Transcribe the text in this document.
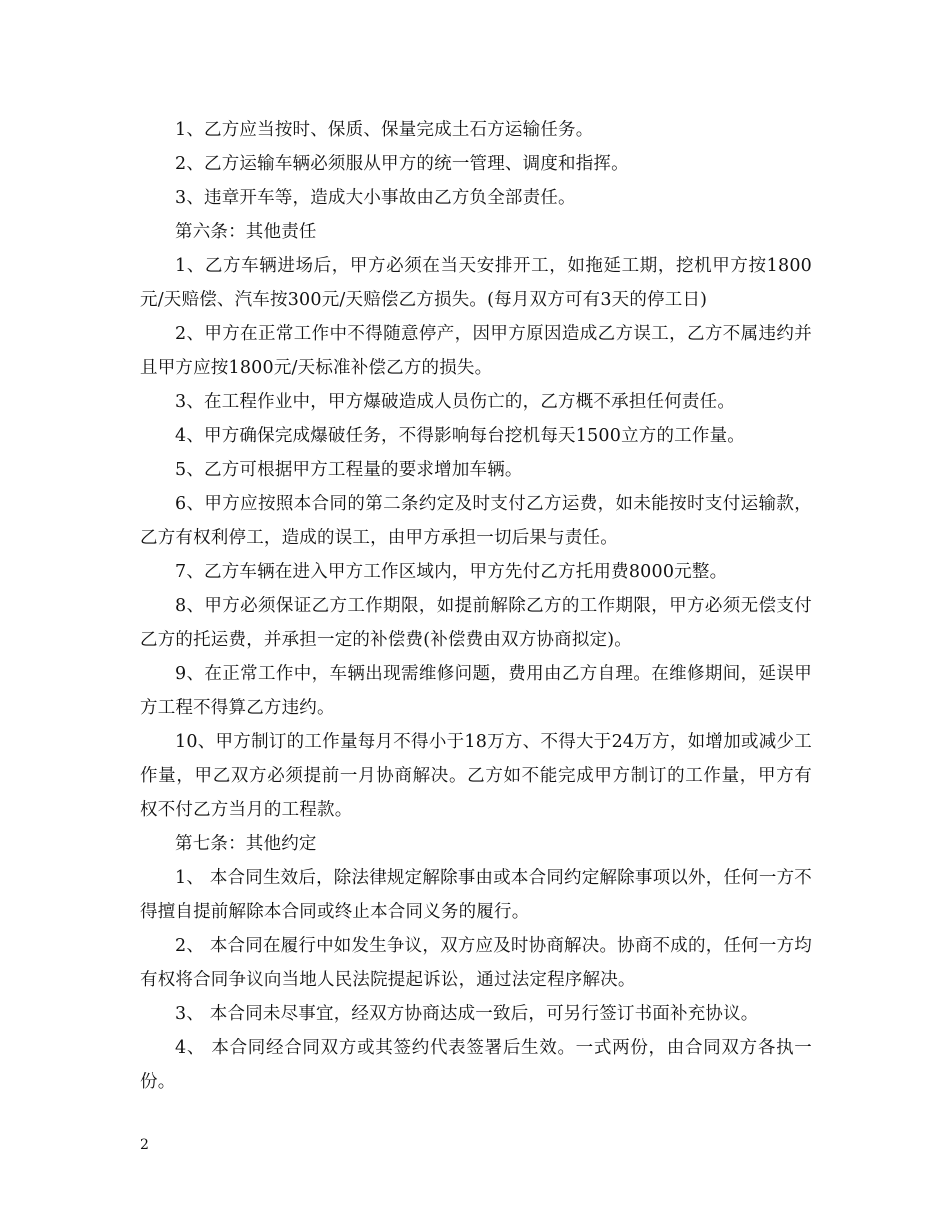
1、乙方应当按时、保质、保量完成土石方运输任务。

2、乙方运输车辆必须服从甲方的统一管理、调度和指挥。

3、违章开车等，造成大小事故由乙方负全部责任。

第六条：其他责任

1、乙方车辆进场后，甲方必须在当天安排开工，如拖延工期，挖机甲方按1800元/天赔偿、汽车按300元/天赔偿乙方损失。(每月双方可有3天的停工日)

2、甲方在正常工作中不得随意停产，因甲方原因造成乙方误工，乙方不属违约并且甲方应按1800元/天标准补偿乙方的损失。

3、在工程作业中，甲方爆破造成人员伤亡的，乙方概不承担任何责任。

4、甲方确保完成爆破任务，不得影响每台挖机每天1500立方的工作量。

5、乙方可根据甲方工程量的要求增加车辆。

6、甲方应按照本合同的第二条约定及时支付乙方运费，如未能按时支付运输款，乙方有权利停工，造成的误工，由甲方承担一切后果与责任。

7、乙方车辆在进入甲方工作区域内，甲方先付乙方托用费8000元整。

8、甲方必须保证乙方工作期限，如提前解除乙方的工作期限，甲方必须无偿支付乙方的托运费，并承担一定的补偿费(补偿费由双方协商拟定)。

9、在正常工作中，车辆出现需维修问题，费用由乙方自理。在维修期间，延误甲方工程不得算乙方违约。

10、甲方制订的工作量每月不得小于18万方、不得大于24万方，如增加或减少工作量，甲乙双方必须提前一月协商解决。乙方如不能完成甲方制订的工作量，甲方有权不付乙方当月的工程款。

第七条：其他约定

1、 本合同生效后，除法律规定解除事由或本合同约定解除事项以外，任何一方不得擅自提前解除本合同或终止本合同义务的履行。

2、 本合同在履行中如发生争议，双方应及时协商解决。协商不成的，任何一方均有权将合同争议向当地人民法院提起诉讼，通过法定程序解决。

3、 本合同未尽事宜，经双方协商达成一致后，可另行签订书面补充协议。

4、 本合同经合同双方或其签约代表签署后生效。一式两份，由合同双方各执一份。

2
